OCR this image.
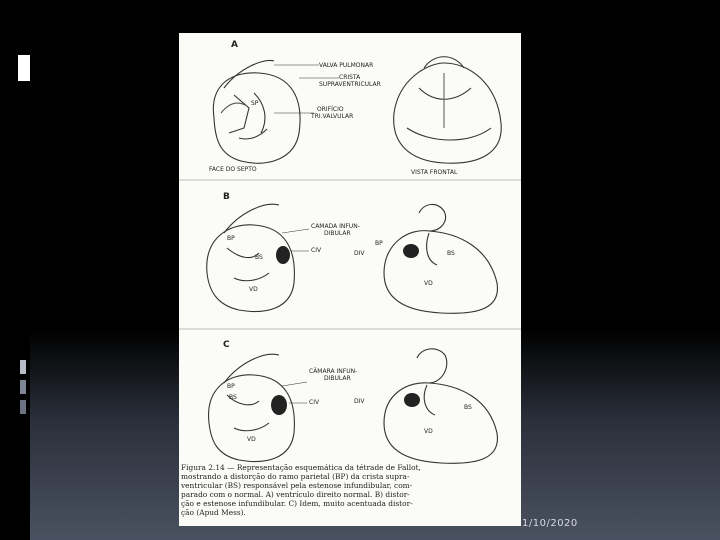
A
VALVA PULMONAR
CRISTA
SUPRAVENTRICULAR
ORIFÍCIO
TRI.VALVULAR
SP
FACE DO SEPTO	VISTA FRONTAL
B
CAMADA INFUN-
DIBULAR
BP
BS
CIV
VD
BP
DIV	BS
VD
C
CÂMARA INFUN-
DIBULAR
BP
BS
CIV
VD
DIV
BS
VD
Figura 2.14 — Representação esquemática da tétrade de Fallot,
mostrando a distorção do ramo parietal (BP) da crista supra-
ventricular (BS) responsável pela estenose infundibular, com-
parado com o normal. A) ventrículo direito normal. B) distor-
ção e estenose infundibular. C) Idem, muito acentuada distor-
ção (Apud Mess).
1/10/2020
